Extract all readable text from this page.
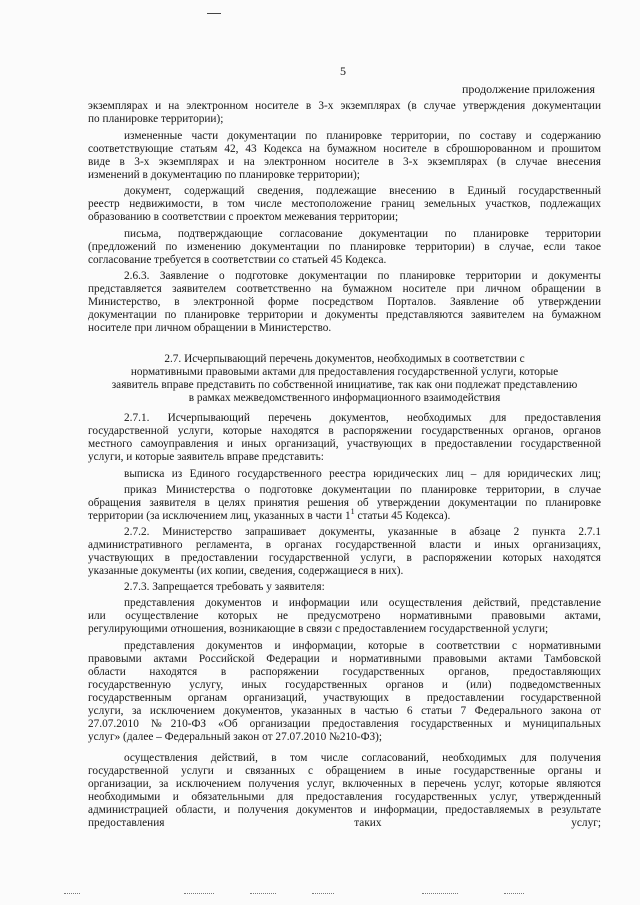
5
продолжение приложения
экземплярах и на электронном носителе в 3-х экземплярах (в случае утверждения документации
по планировке территории);
измененные части документации по планировке территории, по составу и содержанию
соответствующие статьям 42, 43 Кодекса на бумажном носителе в сброшюрованном и прошитом
виде в 3-х экземплярах и на электронном носителе в 3-х экземплярах (в случае внесения
изменений в документацию по планировке территории);
документ, содержащий сведения, подлежащие внесению в Единый государственный
реестр недвижимости, в том числе местоположение границ земельных участков, подлежащих
образованию в соответствии с проектом межевания территории;
письма, подтверждающие согласование документации по планировке территории
(предложений по изменению документации по планировке территории) в случае, если такое
согласование требуется в соответствии со статьей 45 Кодекса.
2.6.3. Заявление о подготовке документации по планировке территории и документы
представляется заявителем соответственно на бумажном носителе при личном обращении в
Министерство, в электронной форме посредством Порталов. Заявление об утверждении
документации по планировке территории и документы представляются заявителем на бумажном
носителе при личном обращении в Министерство.
2.7. Исчерпывающий перечень документов, необходимых в соответствии с
нормативными правовыми актами для предоставления государственной услуги, которые
заявитель вправе представить по собственной инициативе, так как они подлежат представлению
в рамках межведомственного информационного взаимодействия
2.7.1. Исчерпывающий перечень документов, необходимых для предоставления
государственной услуги, которые находятся в распоряжении государственных органов, органов
местного самоуправления и иных организаций, участвующих в предоставлении государственной
услуги, и которые заявитель вправе представить:
выписка из Единого государственного реестра юридических лиц – для юридических лиц;
приказ Министерства о подготовке документации по планировке территории, в случае
обращения заявителя в целях принятия решения об утверждении документации по планировке
территории (за исключением лиц, указанных в части $1^1$ статьи 45 Кодекса).
2.7.2. Министерство запрашивает документы, указанные в абзаце 2 пункта 2.7.1
административного регламента, в органах государственной власти и иных организациях,
участвующих в предоставлении государственной услуги, в распоряжении которых находятся
указанные документы (их копии, сведения, содержащиеся в них).
2.7.3. Запрещается требовать у заявителя:
представления документов и информации или осуществления действий, представление
или осуществление которых не предусмотрено нормативными правовыми актами,
регулирующими отношения, возникающие в связи с предоставлением государственной услуги;
представления документов и информации, которые в соответствии с нормативными
правовыми актами Российской Федерации и нормативными правовыми актами Тамбовской
области находятся в распоряжении государственных органов, предоставляющих
государственную услугу, иных государственных органов и (или) подведомственных
государственным органам организаций, участвующих в предоставлении государственной
услуги, за исключением документов, указанных в частью 6 статьи 7 Федерального закона от
27.07.2010 №210-ФЗ «Об организации предоставления государственных и муниципальных
услуг» (далее – Федеральный закон от 27.07.2010 №210-ФЗ);
осуществления действий, в том числе согласований, необходимых для получения
государственной услуги и связанных с обращением в иные государственные органы и
организации, за исключением получения услуг, включенных в перечень услуг, которые являются
необходимыми и обязательными для предоставления государственных услуг, утвержденный
администрацией области, и получения документов и информации, предоставляемых в результате
предоставления таких услуг;
